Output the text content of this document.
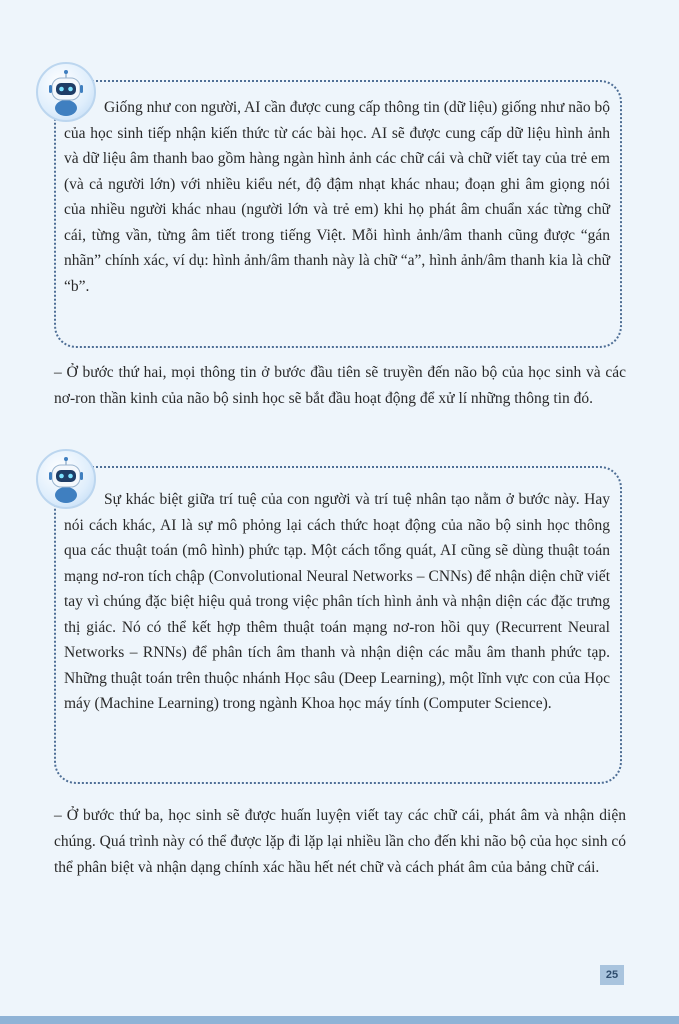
Giống như con người, AI cần được cung cấp thông tin (dữ liệu) giống như não bộ của học sinh tiếp nhận kiến thức từ các bài học. AI sẽ được cung cấp dữ liệu hình ảnh và dữ liệu âm thanh bao gồm hàng ngàn hình ảnh các chữ cái và chữ viết tay của trẻ em (và cả người lớn) với nhiều kiểu nét, độ đậm nhạt khác nhau; đoạn ghi âm giọng nói của nhiều người khác nhau (người lớn và trẻ em) khi họ phát âm chuẩn xác từng chữ cái, từng vần, từng âm tiết trong tiếng Việt. Mỗi hình ảnh/âm thanh cũng được “gán nhãn” chính xác, ví dụ: hình ảnh/âm thanh này là chữ “a”, hình ảnh/âm thanh kia là chữ “b”.

– Ở bước thứ hai, mọi thông tin ở bước đầu tiên sẽ truyền đến não bộ của học sinh và các nơ-ron thần kinh của não bộ sinh học sẽ bắt đầu hoạt động để xử lí những thông tin đó.

Sự khác biệt giữa trí tuệ của con người và trí tuệ nhân tạo nằm ở bước này. Hay nói cách khác, AI là sự mô phỏng lại cách thức hoạt động của não bộ sinh học thông qua các thuật toán (mô hình) phức tạp. Một cách tổng quát, AI cũng sẽ dùng thuật toán mạng nơ-ron tích chập (Convolutional Neural Networks – CNNs) để nhận diện chữ viết tay vì chúng đặc biệt hiệu quả trong việc phân tích hình ảnh và nhận diện các đặc trưng thị giác. Nó có thể kết hợp thêm thuật toán mạng nơ-ron hồi quy (Recurrent Neural Networks – RNNs) để phân tích âm thanh và nhận diện các mẫu âm thanh phức tạp. Những thuật toán trên thuộc nhánh Học sâu (Deep Learning), một lĩnh vực con của Học máy (Machine Learning) trong ngành Khoa học máy tính (Computer Science).

– Ở bước thứ ba, học sinh sẽ được huấn luyện viết tay các chữ cái, phát âm và nhận diện chúng. Quá trình này có thể được lặp đi lặp lại nhiều lần cho đến khi não bộ của học sinh có thể phân biệt và nhận dạng chính xác hầu hết nét chữ và cách phát âm của bảng chữ cái.

25
